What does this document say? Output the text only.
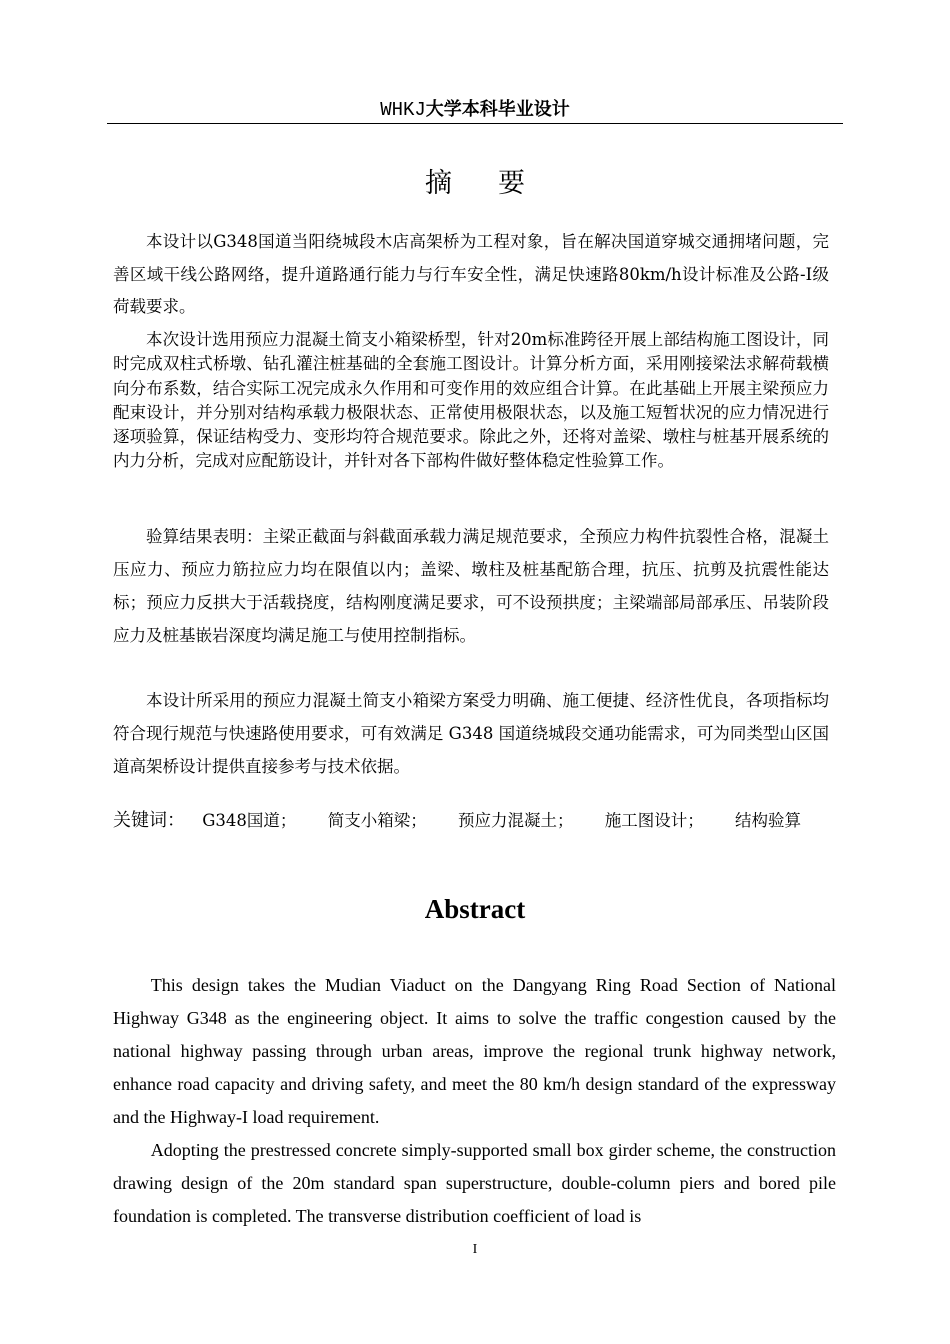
WHKJ大学本科毕业设计
摘要

本设计以G348国道当阳绕城段木店高架桥为工程对象，旨在解决国道穿城交通拥堵问题，完善区域干线公路网络，提升道路通行能力与行车安全性，满足快速路80km/h设计标准及公路-I级荷载要求。

本次设计选用预应力混凝土简支小箱梁桥型，针对20m标准跨径开展上部结构施工图设计，同时完成双柱式桥墩、钻孔灌注桩基础的全套施工图设计。计算分析方面，采用刚接梁法求解荷载横向分布系数，结合实际工况完成永久作用和可变作用的效应组合计算。在此基础上开展主梁预应力配束设计，并分别对结构承载力极限状态、正常使用极限状态，以及施工短暂状况的应力情况进行逐项验算，保证结构受力、变形均符合规范要求。除此之外，还将对盖梁、墩柱与桩基开展系统的内力分析，完成对应配筋设计，并针对各下部构件做好整体稳定性验算工作。

验算结果表明：主梁正截面与斜截面承载力满足规范要求，全预应力构件抗裂性合格，混凝土压应力、预应力筋拉应力均在限值以内；盖梁、墩柱及桩基配筋合理，抗压、抗剪及抗震性能达标；预应力反拱大于活载挠度，结构刚度满足要求，可不设预拱度；主梁端部局部承压、吊装阶段应力及桩基嵌岩深度均满足施工与使用控制指标。

本设计所采用的预应力混凝土简支小箱梁方案受力明确、施工便捷、经济性优良，各项指标均符合现行规范与快速路使用要求，可有效满足 G348 国道绕城段交通功能需求，可为同类型山区国道高架桥设计提供直接参考与技术依据。

关键词： G348国道； 简支小箱梁； 预应力混凝土； 施工图设计； 结构验算
Abstract

This design takes the Mudian Viaduct on the Dangyang Ring Road Section of National Highway G348 as the engineering object. It aims to solve the traffic congestion caused by the national highway passing through urban areas, improve the regional trunk highway network, enhance road capacity and driving safety, and meet the 80 km/h design standard of the expressway and the Highway-I load requirement.

Adopting the prestressed concrete simply-supported small box girder scheme, the construction drawing design of the 20m standard span superstructure, double-column piers and bored pile foundation is completed. The transverse distribution coefficient of load is

I
